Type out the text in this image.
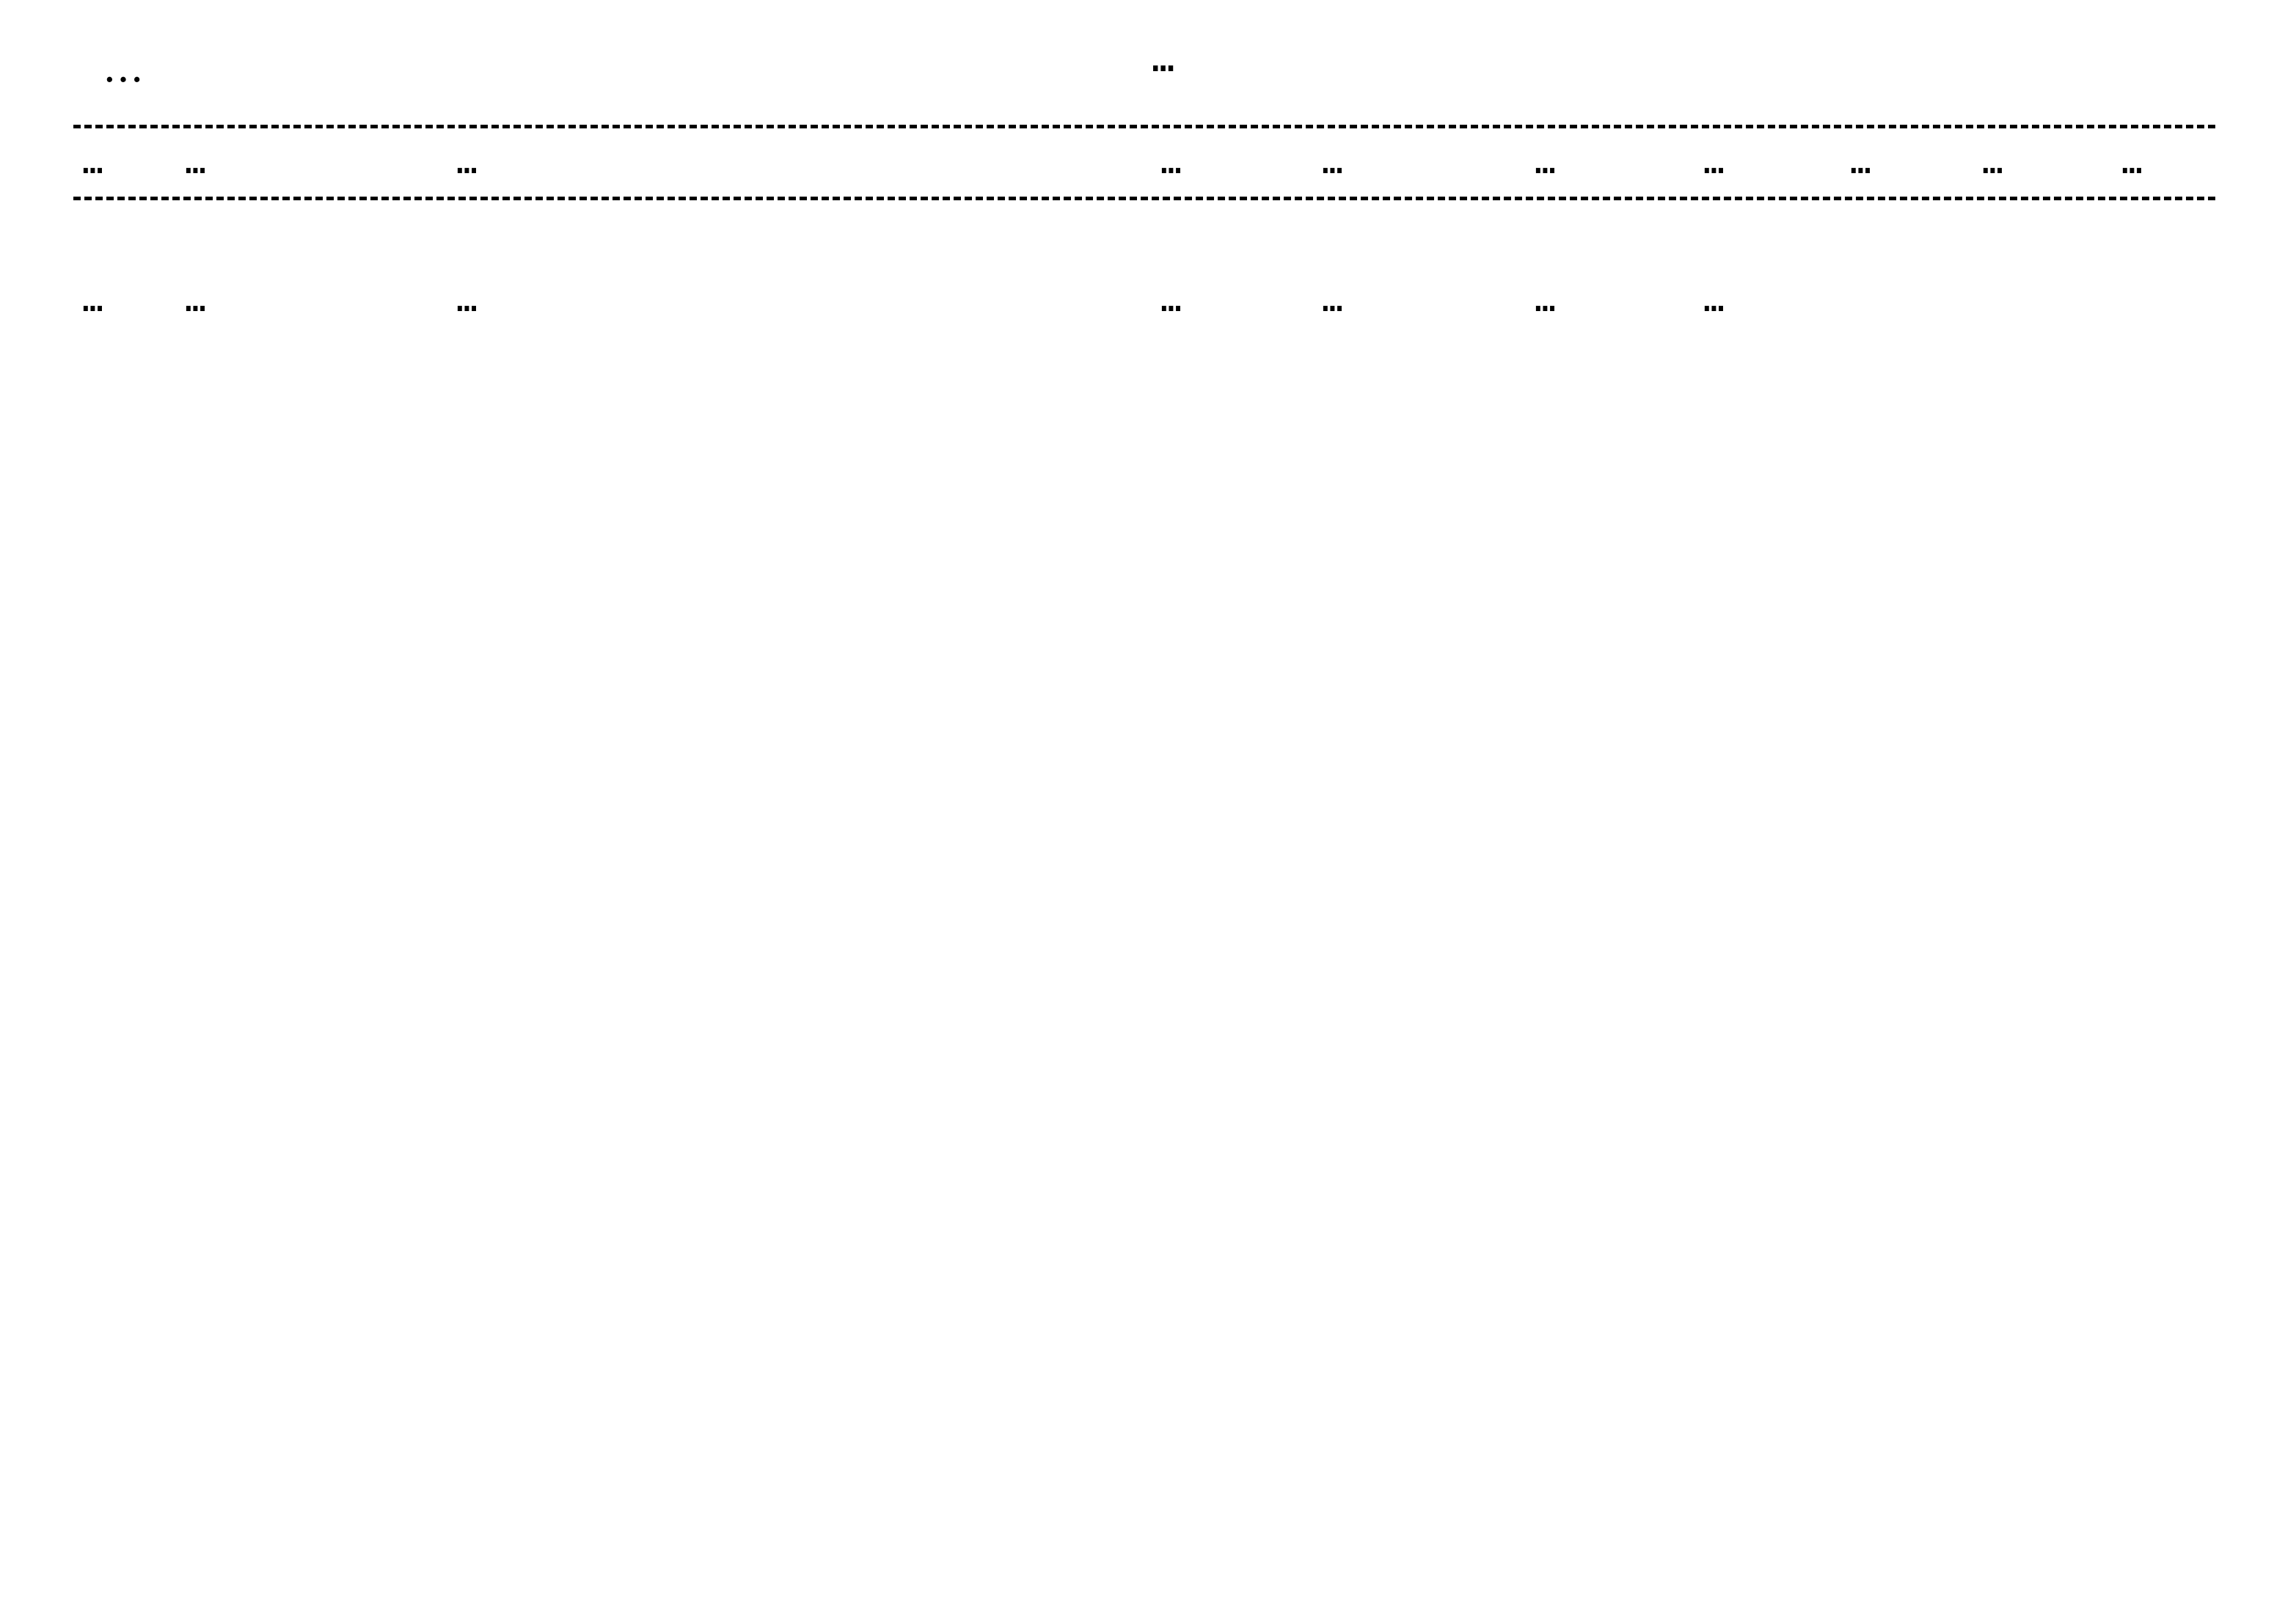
…	…
…	…	…	…	…	…	…	…	…	…

…	…	…	…	…	…	…			
